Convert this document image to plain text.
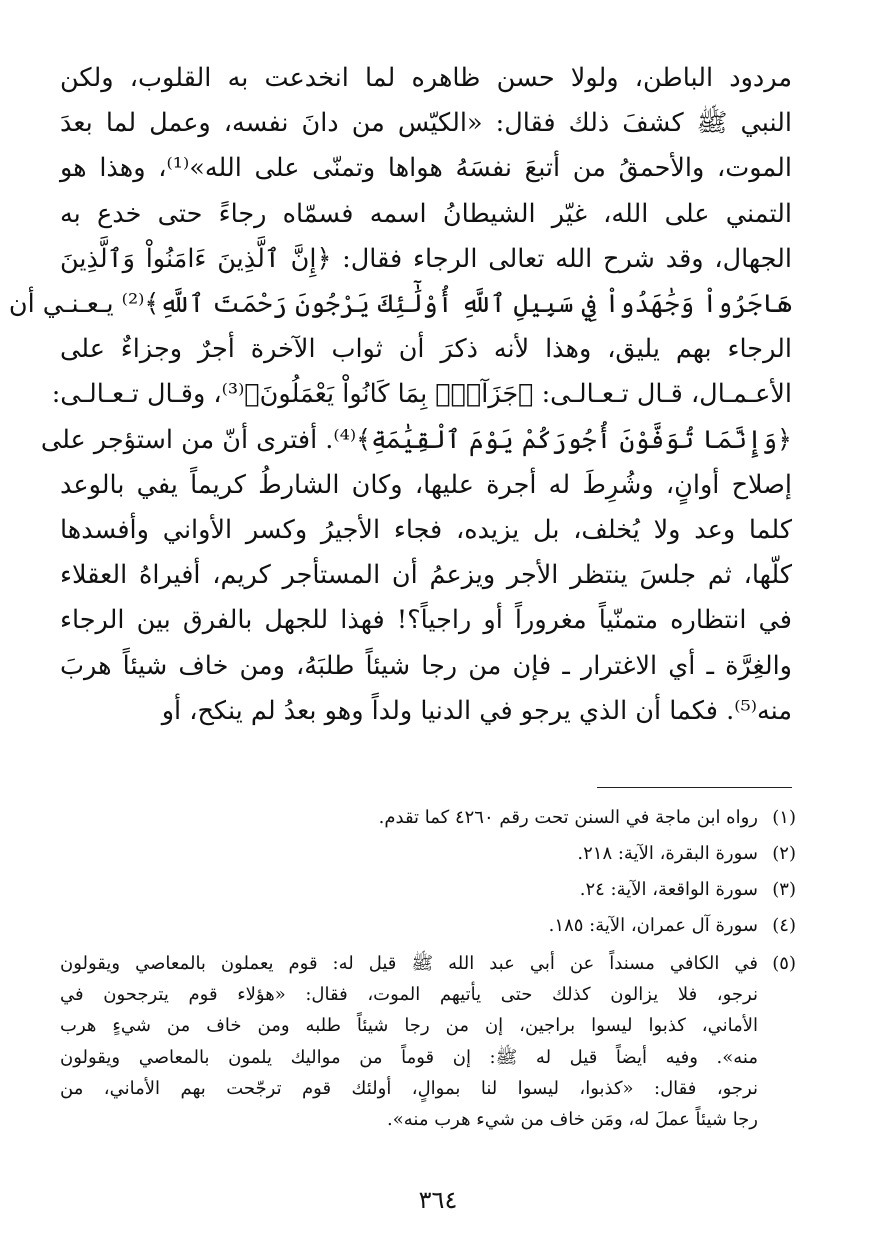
مردود الباطن، ولولا حسن ظاهره لما انخدعت به القلوب، ولكن
النبي ﷺ كشفَ ذلك فقال: «الكيّس من دانَ نفسه، وعمل لما بعدَ
الموت، والأحمقُ من أتبعَ نفسَهُ هواها وتمنّى على الله»⁽¹⁾، وهذا هو
التمني على الله، غيّر الشيطانُ اسمه فسمّاه رجاءً حتى خدع به
الجهال، وقد شرح الله تعالى الرجاء فقال: ﴿إِنَّ ٱلَّذِينَ ءَامَنُواْ وَٱلَّذِينَ
هَاجَرُواْ وَجَٰهَدُواْ فِي سَبِيلِ ٱللَّهِ أُوْلَٰٓئِكَ يَرْجُونَ رَحْمَتَ ٱللَّهِ﴾⁽²⁾ يـعـنـي أن
الرجاء بهم يليق، وهذا لأنه ذكرَ أن ثواب الآخرة أجرٌ وجزاءٌ على
الأعـمـال، قـال تـعـالـى: ﴿جَزَآءَۢ بِمَا كَانُواْ يَعْمَلُونَ﴾⁽³⁾، وقـال تـعـالـى:
﴿وَإِنَّمَا تُوَفَّوْنَ أُجُورَكُمْ يَوْمَ ٱلْقِيَٰمَةِ﴾⁽⁴⁾. أفترى أنّ من استؤجر على
إصلاح أوانٍ، وشُرِطَ له أجرة عليها، وكان الشارطُ كريماً يفي بالوعد
كلما وعد ولا يُخلف، بل يزيده، فجاء الأجيرُ وكسر الأواني وأفسدها
كلّها، ثم جلسَ ينتظر الأجر ويزعمُ أن المستأجر كريم، أفيراهُ العقلاء
في انتظاره متمنّياً مغروراً أو راجياً؟! فهذا للجهل بالفرق بين الرجاء
والغِرَّة ـ أي الاغترار ـ فإن من رجا شيئاً طلبَهُ، ومن خاف شيئاً هربَ
منه⁽⁵⁾. فكما أن الذي يرجو في الدنيا ولداً وهو بعدُ لم ينكح، أو
(١)
رواه ابن ماجة في السنن تحت رقم ٤٢٦٠ كما تقدم.
(٢)
سورة البقرة، الآية: ٢١٨.
(٣)
سورة الواقعة، الآية: ٢٤.
(٤)
سورة آل عمران، الآية: ١٨٥.
(٥)
في الكافي مسنداً عن أبي عبد الله ﷺ قيل له: قوم يعملون بالمعاصي ويقولون
نرجو، فلا يزالون كذلك حتى يأتيهم الموت، فقال: «هؤلاء قوم يترجحون في
الأماني، كذبوا ليسوا براجين، إن من رجا شيئاً طلبه ومن خاف من شيءٍ هرب
منه». وفيه أيضاً قيل له ﷺ: إن قوماً من مواليك يلمون بالمعاصي ويقولون
نرجو، فقال: «كذبوا، ليسوا لنا بموالٍ، أولئك قوم ترجّحت بهم الأماني، من
رجا شيئاً عملَ له، ومَن خاف من شيء هرب منه».
٣٦٤
